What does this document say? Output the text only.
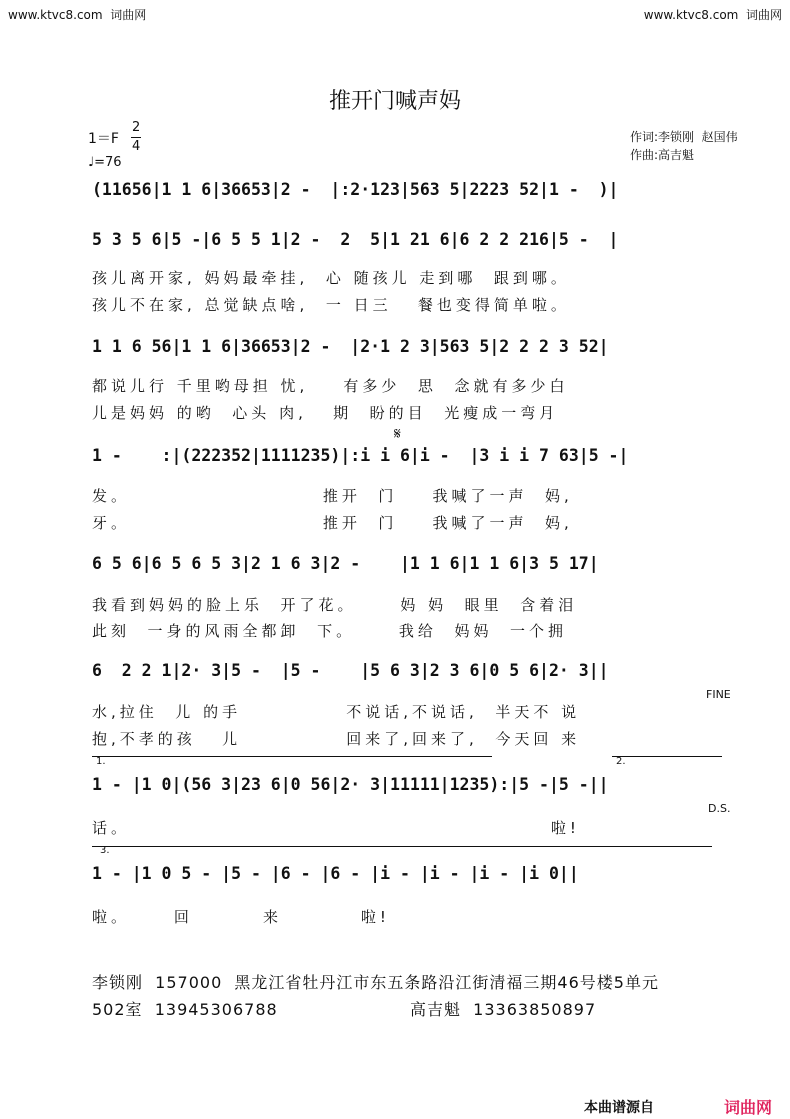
www.ktvc8.com  词曲网	www.ktvc8.com  词曲网
推开门喊声妈
1＝F
2
4
♩=76
作词:李锁刚  赵国伟
作曲:高吉魁
(11656|1 1 6|36653|2 -  |:2·123|563 5|2223 52|1 -  )|
5 3 5 6|5 -|6 5 5 1|2 -  2  5|1 21 6|6 2 2 216|5 -  |
孩儿离开家, 妈妈最牵挂,  心 随孩儿 走到哪  跟到哪。
孩儿不在家, 总觉缺点啥,  一 日三   餐也变得简单啦。
1 1 6 56|1 1 6|36653|2 -  |2·1 2 3|563 5|2 2 2 3 52|
都说儿行 千里哟母担 忧,    有多少  思  念就有多少白
儿是妈妈 的哟  心头 肉,   期  盼的目  光瘦成一弯月
𝄋
1 -    :|(222352|1111235)|:i i 6|i -  |3 i i 7 63|5 -|
发。                      推开  门    我喊了一声  妈,
牙。                      推开  门    我喊了一声  妈,
6 5 6|6 5 6 5 3|2 1 6 3|2 -    |1 1 6|1 1 6|3 5 17|
我看到妈妈的脸上乐  开了花。     妈 妈  眼里  含着泪
此刻  一身的风雨全都卸  下。     我给  妈妈  一个拥
6  2 2 1|2· 3|5 -  |5 -    |5 6 3|2 3 6|0 5 6|2· 3||
FINE
水,拉住  儿 的手            不说话,不说话,  半天不 说
抱,不孝的孩   儿            回来了,回来了,  今天回 来
1.	2.
1 - |1 0|(56 3|23 6|0 56|2· 3|11111|1235):|5 -|5 -||
D.S.
话。                                                啦!
3.
1 - |1 0 5 - |5 - |6 - |6 - |i - |i - |i - |i 0||
啦。     回        来         啦!
李锁刚  157000  黑龙江省牡丹江市东五条路沿江街清福三期46号楼5单元
502室  13945306788	高吉魁  13363850897
本曲谱源自	词曲网
